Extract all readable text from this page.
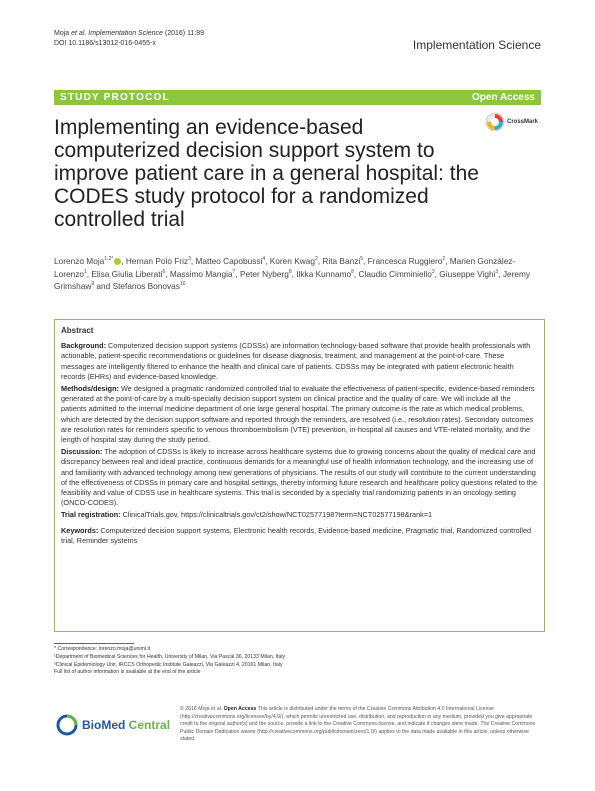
Moja et al. Implementation Science (2016) 11:89
DOI 10.1186/s13012-016-0455-x	Implementation Science
STUDY PROTOCOL	Open Access
Implementing an evidence-based computerized decision support system to improve patient care in a general hospital: the CODES study protocol for a randomized controlled trial
CrossMark
Lorenzo Moja$^{1,2*}$ , Hernan Polo Friz$^3$, Matteo Capobussi$^4$, Koren Kwag$^2$, Rita Banzi$^5$, Francesca Ruggiero$^2$, Marien González-Lorenzo$^1$, Elisa Giulia Liberati$^6$, Massimo Mangia$^7$, Peter Nyberg$^8$, Ilkka Kunnamo$^8$, Claudio Cimminiello$^3$, Giuseppe Vighi$^3$, Jeremy Grimshaw$^9$ and Stefanos Bonovas$^{10}$
Abstract

Background: Computerized decision support systems (CDSSs) are information technology-based software that provide health professionals with actionable, patient-specific recommendations or guidelines for disease diagnosis, treatment, and management at the point-of-care. These messages are intelligently filtered to enhance the health and clinical care of patients. CDSSs may be integrated with patient electronic health records (EHRs) and evidence-based knowledge.

Methods/design: We designed a pragmatic randomized controlled trial to evaluate the effectiveness of patient-specific, evidence-based reminders generated at the point-of-care by a multi-specialty decision support system on clinical practice and the quality of care. We will include all the patients admitted to the internal medicine department of one large general hospital. The primary outcome is the rate at which medical problems, which are detected by the decision support software and reported through the reminders, are resolved (i.e., resolution rates). Secondary outcomes are resolution rates for reminders specific to venous thromboembolism (VTE) prevention, in-hospital all causes and VTE-related mortality, and the length of hospital stay during the study period.

Discussion: The adoption of CDSSs is likely to increase across healthcare systems due to growing concerns about the quality of medical care and discrepancy between real and ideal practice, continuous demands for a meaningful use of health information technology, and the increasing use of and familiarity with advanced technology among new generations of physicians. The results of our study will contribute to the current understanding of the effectiveness of CDSSs in primary care and hospital settings, thereby informing future research and healthcare policy questions related to the feasibility and value of CDSS use in healthcare systems. This trial is seconded by a specialty trial randomizing patients in an oncology setting (ONCO-CODES).

Trial registration: ClinicalTrials.gov, https://clinicaltrials.gov/ct2/show/NCT02577198?term=NCT02577198&rank=1

Keywords: Computerized decision support systems, Electronic health records, Evidence-based medicine, Pragmatic trial, Randomized controlled trial, Reminder systems

* Correspondence: lorenzo.moja@unimi.it
¹Department of Biomedical Sciences for Health, University of Milan, Via Pascal 36, 20133 Milan, Italy
²Clinical Epidemiology Unit, IRCCS Orthopedic Institute Galeazzi, Via Galeazzi 4, 20161 Milan, Italy
Full list of author information is available at the end of the article
BioMed Central
© 2016 Moja et al. Open Access This article is distributed under the terms of the Creative Commons Attribution 4.0 International License (http://creativecommons.org/licenses/by/4.0/), which permits unrestricted use, distribution, and reproduction in any medium, provided you give appropriate credit to the original author(s) and the source, provide a link to the Creative Commons license, and indicate if changes were made. The Creative Commons Public Domain Dedication waiver (http://creativecommons.org/publicdomain/zero/1.0/) applies to the data made available in this article, unless otherwise stated.
